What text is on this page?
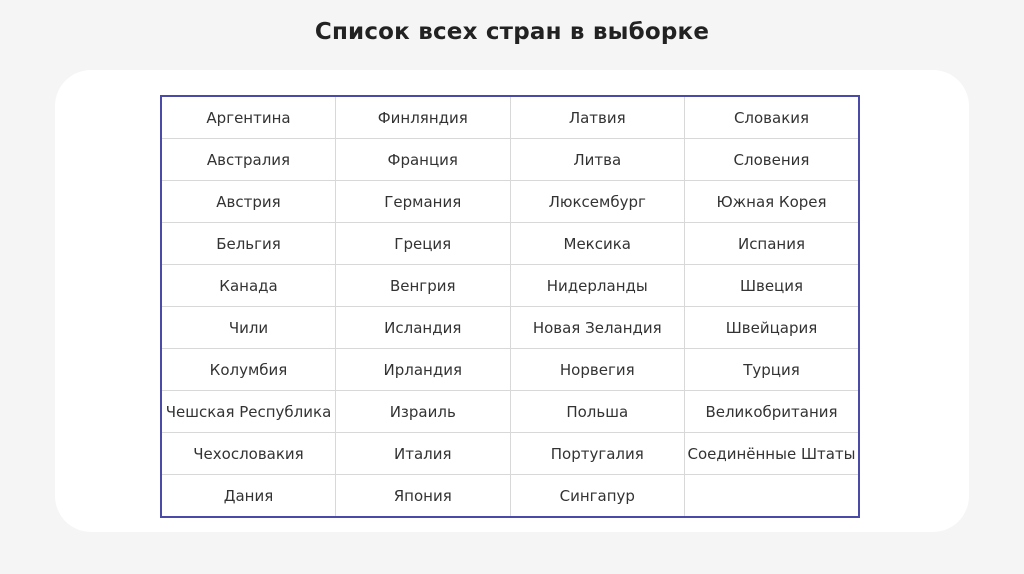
Список всех стран в выборке
Аргентина	Финляндия	Латвия	Словакия
Австралия	Франция	Литва	Словения
Австрия	Германия	Люксембург	Южная Корея
Бельгия	Греция	Мексика	Испания
Канада	Венгрия	Нидерланды	Швеция
Чили	Исландия	Новая Зеландия	Швейцария
Колумбия	Ирландия	Норвегия	Турция
Чешская Республика	Израиль	Польша	Великобритания
Чехословакия	Италия	Португалия	Соединённые Штаты
Дания	Япония	Сингапур	
